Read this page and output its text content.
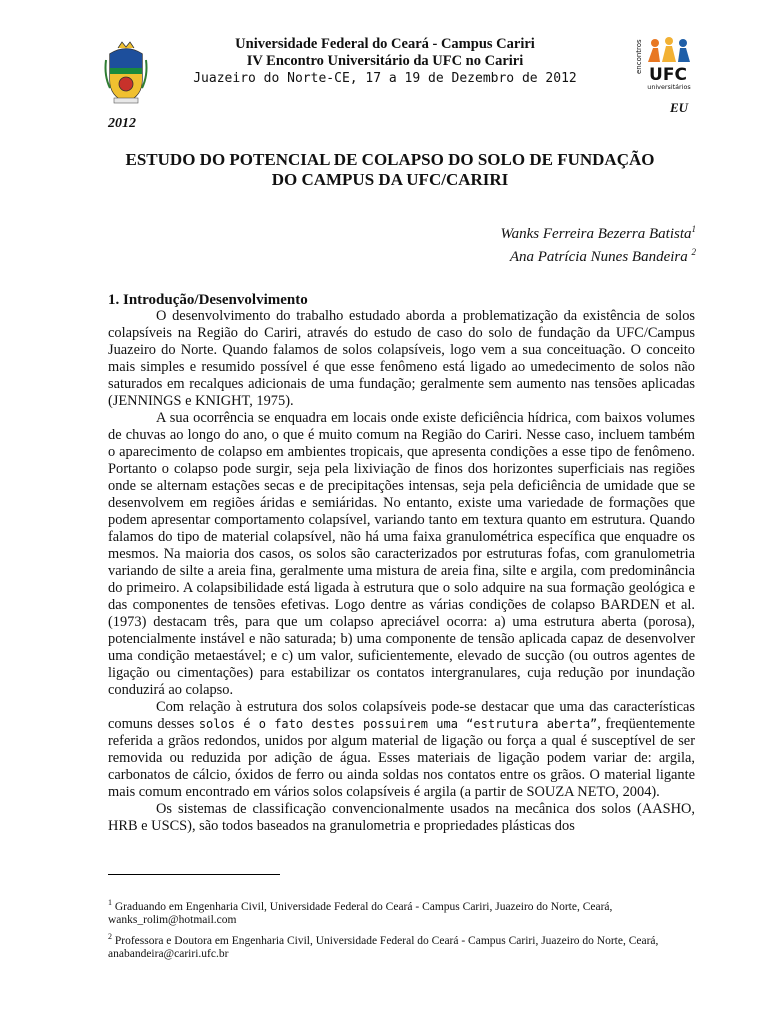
Universidade Federal do Ceará - Campus Cariri
IV Encontro Universitário da UFC no Cariri
Juazeiro do Norte-CE, 17 a 19 de Dezembro de 2012
encontros
UFC
universitários
2012
EU
ESTUDO DO POTENCIAL DE COLAPSO DO SOLO DE FUNDAÇÃO
DO CAMPUS DA UFC/CARIRI
Wanks Ferreira Bezerra Batista$^1$
Ana Patrícia Nunes Bandeira $^2$
1. Introdução/Desenvolvimento

O desenvolvimento do trabalho estudado aborda a problematização da existência de solos colapsíveis na Região do Cariri, através do estudo de caso do solo de fundação da UFC/Campus Juazeiro do Norte. Quando falamos de solos colapsíveis, logo vem a sua conceituação. O conceito mais simples e resumido possível é que esse fenômeno está ligado ao umedecimento de solos não saturados em recalques adicionais de uma fundação; geralmente sem aumento nas tensões aplicadas (JENNINGS e KNIGHT, 1975).

A sua ocorrência se enquadra em locais onde existe deficiência hídrica, com baixos volumes de chuvas ao longo do ano, o que é muito comum na Região do Cariri. Nesse caso, incluem também o aparecimento de colapso em ambientes tropicais, que apresenta condições a esse tipo de fenômeno. Portanto o colapso pode surgir, seja pela lixiviação de finos dos horizontes superficiais nas regiões onde se alternam estações secas e de precipitações intensas, seja pela deficiência de umidade que se desenvolvem em regiões áridas e semiáridas. No entanto, existe uma variedade de formações que podem apresentar comportamento colapsível, variando tanto em textura quanto em estrutura. Quando falamos do tipo de material colapsível, não há uma faixa granulométrica específica que enquadre os mesmos. Na maioria dos casos, os solos são caracterizados por estruturas fofas, com granulometria variando de silte a areia fina, geralmente uma mistura de areia fina, silte e argila, com predominância do primeiro. A colapsibilidade está ligada à estrutura que o solo adquire na sua formação geológica e das componentes de tensões efetivas. Logo dentre as várias condições de colapso BARDEN et al. (1973) destacam três, para que um colapso apreciável ocorra: a) uma estrutura aberta (porosa), potencialmente instável e não saturada; b) uma componente de tensão aplicada capaz de desenvolver uma condição metaestável; e c) um valor, suficientemente, elevado de sucção (ou outros agentes de ligação ou cimentações) para estabilizar os contatos intergranulares, cuja redução por inundação conduzirá ao colapso.

Com relação à estrutura dos solos colapsíveis pode-se destacar que uma das características comuns desses solos é o fato destes possuirem uma “estrutura aberta”, freqüentemente referida a grãos redondos, unidos por algum material de ligação ou força a qual é susceptível de ser removida ou reduzida por adição de água. Esses materiais de ligação podem variar de: argila, carbonatos de cálcio, óxidos de ferro ou ainda soldas nos contatos entre os grãos. O material ligante mais comum encontrado em vários solos colapsíveis é argila (a partir de SOUZA NETO, 2004).

Os sistemas de classificação convencionalmente usados na mecânica dos solos (AASHO, HRB e USCS), são todos baseados na granulometria e propriedades plásticas dos

$^1$ Graduando em Engenharia Civil, Universidade Federal do Ceará - Campus Cariri, Juazeiro do Norte, Ceará, wanks_rolim@hotmail.com

$^2$ Professora e Doutora em Engenharia Civil, Universidade Federal do Ceará - Campus Cariri, Juazeiro do Norte, Ceará, anabandeira@cariri.ufc.br
